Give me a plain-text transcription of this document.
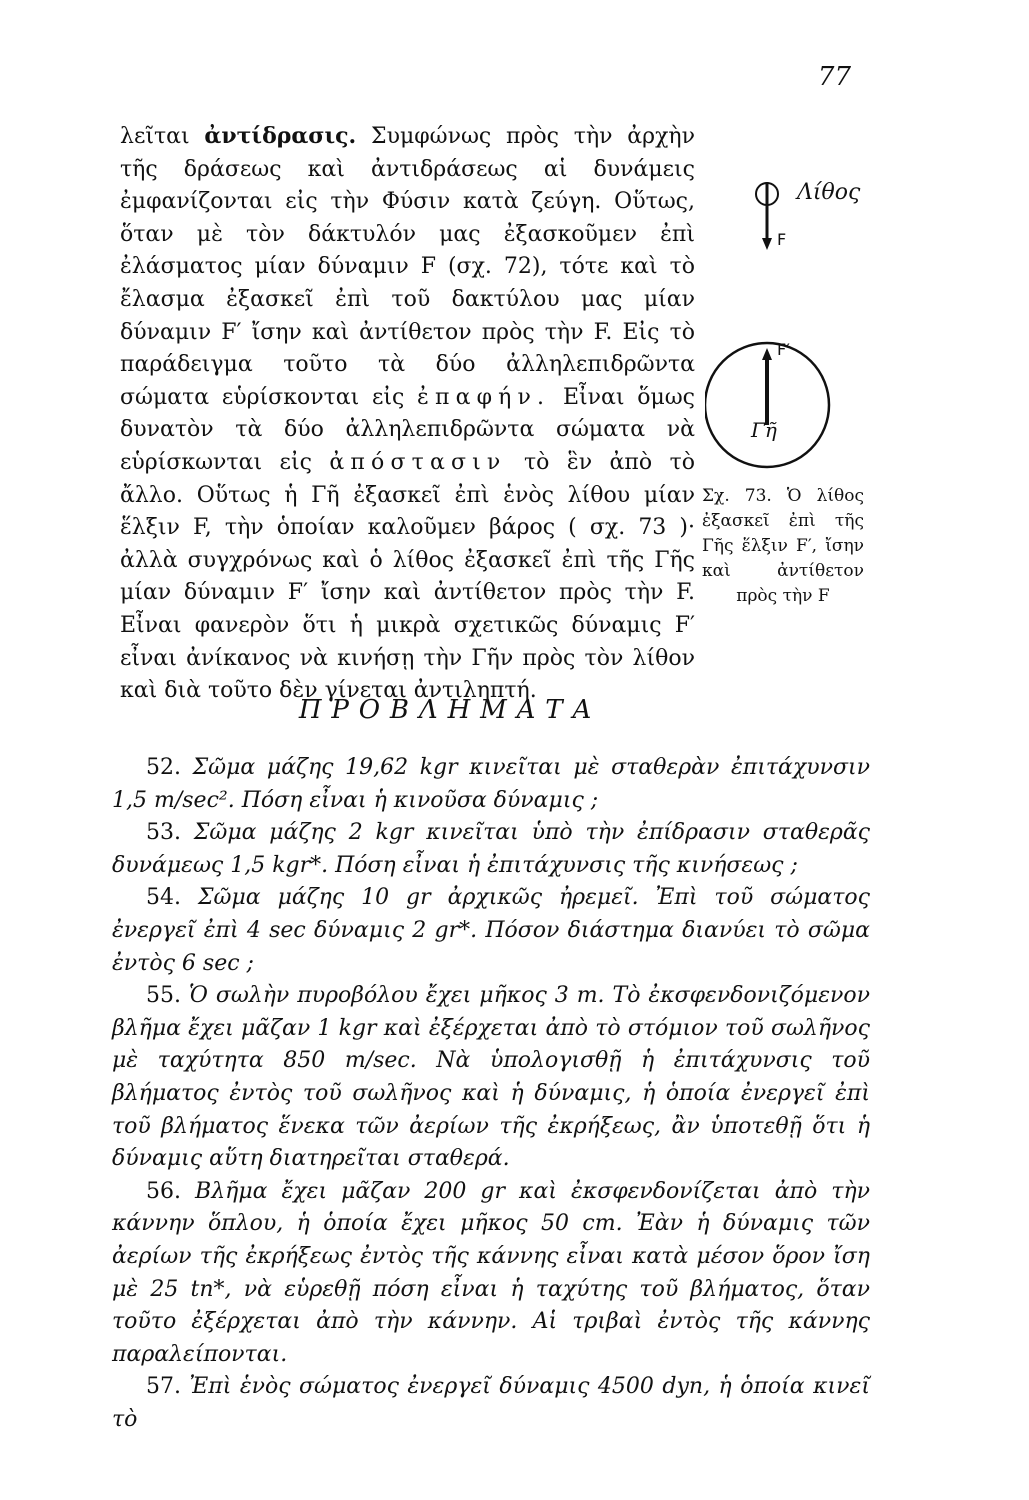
77

λεῖται ἀντίδρασις. Συμφώνως πρὸς τὴν ἀρχὴν τῆς δράσεως καὶ ἀντιδράσεως αἱ δυνάμεις ἐμφανίζονται εἰς τὴν Φύσιν κατὰ ζεύγη. Οὕτως, ὅταν μὲ τὸν δάκτυλόν μας ἐξασκοῦμεν ἐπὶ ἐλάσματος μίαν δύναμιν F (σχ. 72), τότε καὶ τὸ ἔλασμα ἐξασκεῖ ἐπὶ τοῦ δακτύλου μας μίαν δύναμιν F′ ἴσην καὶ ἀντίθετον πρὸς τὴν F. Εἰς τὸ παράδειγμα τοῦτο τὰ δύο ἀλληλεπιδρῶντα σώματα εὑρίσκονται εἰς ἐπαφήν. Εἶναι ὅμως δυνατὸν τὰ δύο ἀλληλεπιδρῶντα σώματα νὰ εὑρίσκωνται εἰς ἀπόστασιν τὸ ἓν ἀπὸ τὸ ἄλλο. Οὕτως ἡ Γῆ ἐξασκεῖ ἐπὶ ἑνὸς λίθου μίαν ἕλξιν F, τὴν ὁποίαν καλοῦμεν βάρος ( σχ. 73 )· ἀλλὰ συγχρόνως καὶ ὁ λίθος ἐξασκεῖ ἐπὶ τῆς Γῆς μίαν δύναμιν F′ ἴσην καὶ ἀντίθετον πρὸς τὴν F. Εἶναι φανερὸν ὅτι ἡ μικρὰ σχετικῶς δύναμις F′ εἶναι ἀνίκανος νὰ κινήσῃ τὴν Γῆν πρὸς τὸν λίθον καὶ διὰ τοῦτο δὲν γίνεται ἀντιληπτή.

Λίθος
F
F′
Γῆ
Σχ. 73. Ὁ λίθος ἐξασκεῖ ἐπὶ τῆς Γῆς ἕλξιν F′, ἴσην καὶ ἀντίθετον πρὸς τὴν F
ΠΡΟΒΛΗΜΑΤΑ

52. Σῶμα μάζης 19,62 kgr κινεῖται μὲ σταθερὰν ἐπιτάχυνσιν 1,5 m/sec². Πόση εἶναι ἡ κινοῦσα δύναμις ;

53. Σῶμα μάζης 2 kgr κινεῖται ὑπὸ τὴν ἐπίδρασιν σταθερᾶς δυνάμεως 1,5 kgr*. Πόση εἶναι ἡ ἐπιτάχυνσις τῆς κινήσεως ;

54. Σῶμα μάζης 10 gr ἀρχικῶς ἠρεμεῖ. Ἐπὶ τοῦ σώματος ἐνεργεῖ ἐπὶ 4 sec δύναμις 2 gr*. Πόσον διάστημα διανύει τὸ σῶμα ἐντὸς 6 sec ;

55. Ὁ σωλὴν πυροβόλου ἔχει μῆκος 3 m. Τὸ ἐκσφενδονιζόμενον βλῆμα ἔχει μᾶζαν 1 kgr καὶ ἐξέρχεται ἀπὸ τὸ στόμιον τοῦ σωλῆνος μὲ ταχύτητα 850 m/sec. Νὰ ὑπολογισθῇ ἡ ἐπιτάχυνσις τοῦ βλήματος ἐντὸς τοῦ σωλῆνος καὶ ἡ δύναμις, ἡ ὁποία ἐνεργεῖ ἐπὶ τοῦ βλήματος ἕνεκα τῶν ἀερίων τῆς ἐκρήξεως, ἂν ὑποτεθῇ ὅτι ἡ δύναμις αὕτη διατηρεῖται σταθερά.

56. Βλῆμα ἔχει μᾶζαν 200 gr καὶ ἐκσφενδονίζεται ἀπὸ τὴν κάννην ὅπλου, ἡ ὁποία ἔχει μῆκος 50 cm. Ἐὰν ἡ δύναμις τῶν ἀερίων τῆς ἐκρήξεως ἐντὸς τῆς κάννης εἶναι κατὰ μέσον ὅρον ἴση μὲ 25 tn*, νὰ εὑρεθῇ πόση εἶναι ἡ ταχύτης τοῦ βλήματος, ὅταν τοῦτο ἐξέρχεται ἀπὸ τὴν κάννην. Αἱ τριβαὶ ἐντὸς τῆς κάννης παραλείπονται.

57. Ἐπὶ ἑνὸς σώματος ἐνεργεῖ δύναμις 4500 dyn, ἡ ὁποία κινεῖ τὸ
